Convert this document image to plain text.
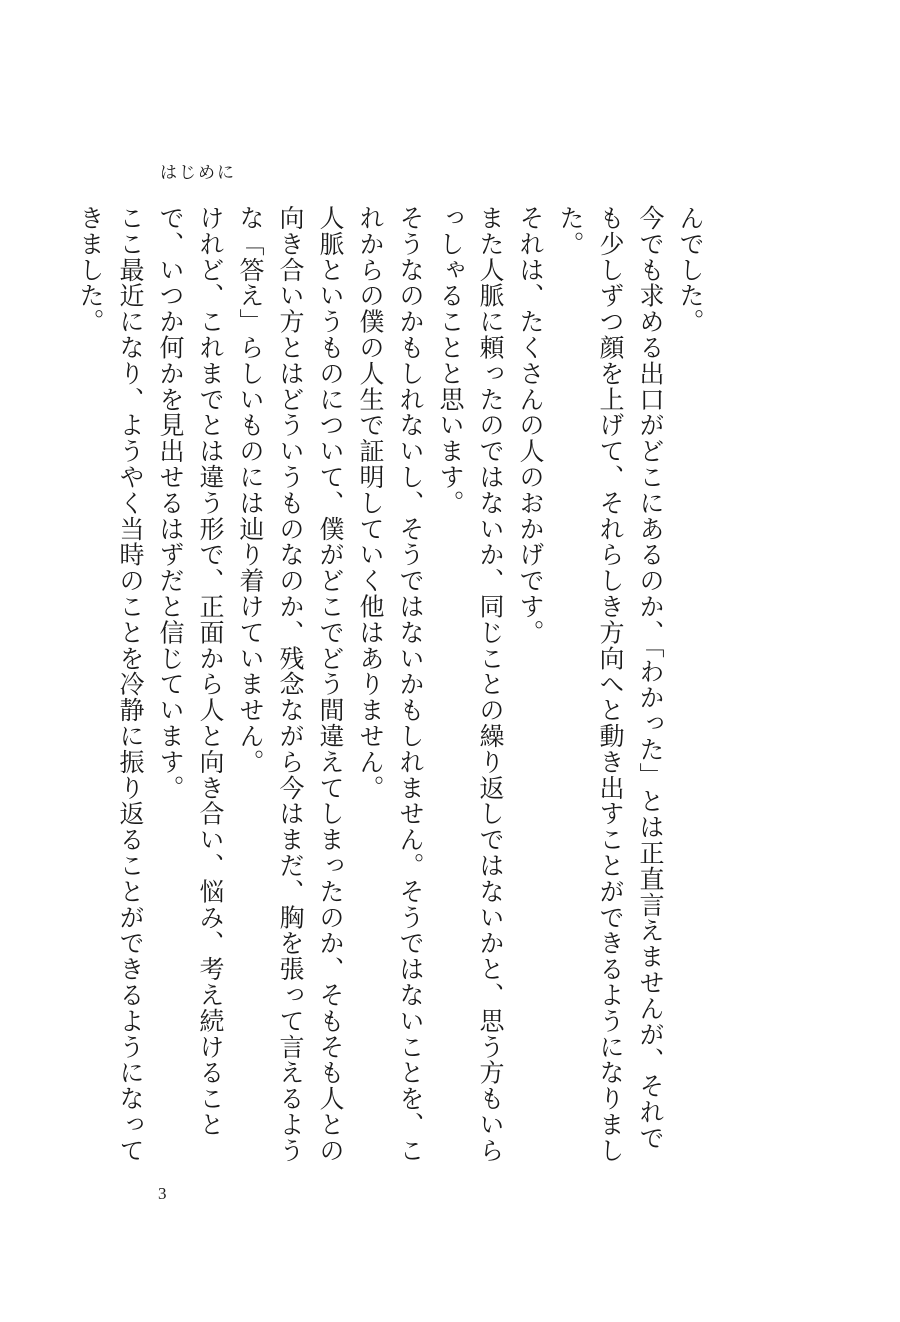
はじめに

んでした。

今でも求める出口がどこにあるのか、「わかった」とは正直言えませんが、それでも少しずつ顔を上げて、それらしき方向へと動き出すことができるようになりました。

それは、たくさんの人のおかげです。

また人脈に頼ったのではないか、同じことの繰り返しではないかと、思う方もいらっしゃることと思います。

そうなのかもしれないし、そうではないかもしれません。そうではないことを、これからの僕の人生で証明していく他はありません。

人脈というものについて、僕がどこでどう間違えてしまったのか、そもそも人との向き合い方とはどういうものなのか、残念ながら今はまだ、胸を張って言えるような「答え」らしいものには辿り着けていません。

けれど、これまでとは違う形で、正面から人と向き合い、悩み、考え続けることで、いつか何かを見出せるはずだと信じています。

ここ最近になり、ようやく当時のことを冷静に振り返ることができるようになってきました。

3
